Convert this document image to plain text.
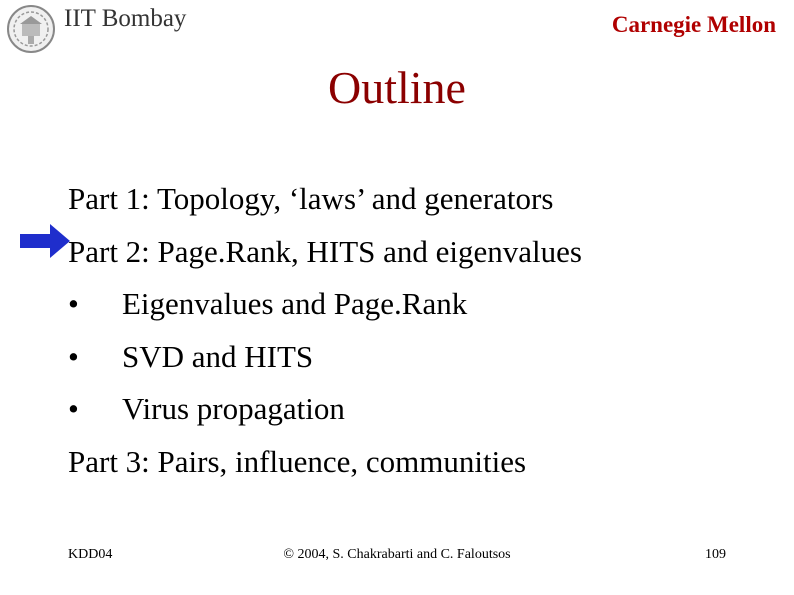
IIT Bombay	Carnegie Mellon
Outline
Part 1: Topology, ‘laws’ and generators
Part 2: Page.Rank, HITS and eigenvalues
• Eigenvalues and Page.Rank
• SVD and HITS
• Virus propagation
Part 3: Pairs, influence, communities
KDD04	© 2004, S. Chakrabarti and C. Faloutsos	109
